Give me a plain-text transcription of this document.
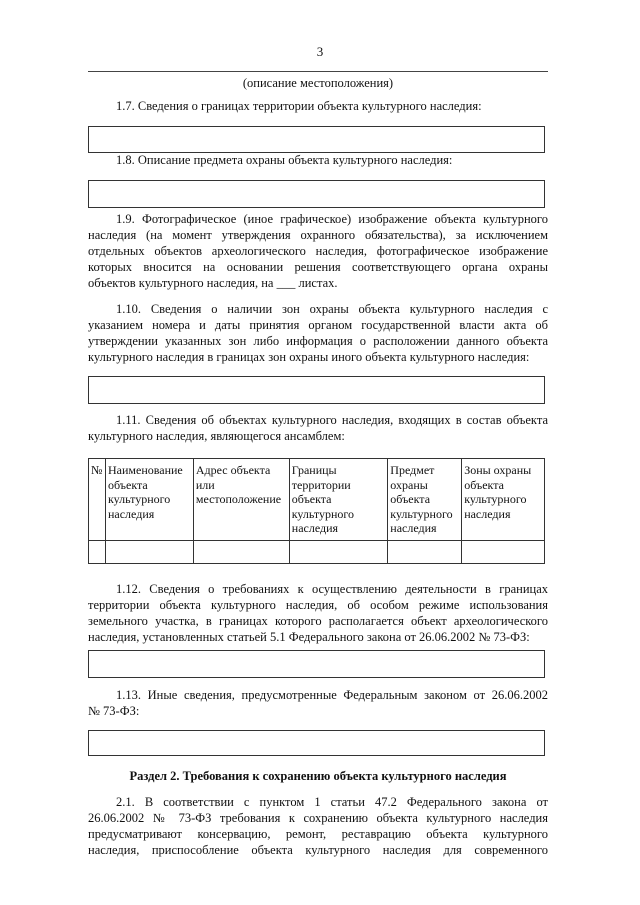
3
(описание местоположения)
1.7. Сведения о границах территории объекта культурного наследия:
1.8. Описание предмета охраны объекта культурного наследия:
1.9. Фотографическое (иное графическое) изображение объекта культурного
наследия (на момент утверждения охранного обязательства), за исключением
отдельных объектов археологического наследия, фотографическое изображение
которых вносится на основании решения соответствующего органа охраны
объектов культурного наследия, на ___ листах.
1.10. Сведения о наличии зон охраны объекта культурного наследия с
указанием номера и даты принятия органом государственной власти акта об
утверждении указанных зон либо информация о расположении данного объекта
культурного наследия в границах зон охраны иного объекта культурного наследия:
1.11. Сведения об объектах культурного наследия, входящих в состав объекта
культурного наследия, являющегося ансамблем:
№	Наименование объекта культурного наследия	Адрес объекта или местоположение	Границы территории объекта культурного наследия	Предмет охраны объекта культурного наследия	Зоны охраны объекта культурного наследия

1.12. Сведения о требованиях к осуществлению деятельности в границах
территории объекта культурного наследия, об особом режиме использования
земельного участка, в границах которого располагается объект археологического
наследия, установленных статьей 5.1 Федерального закона от 26.06.2002 № 73-ФЗ:
1.13. Иные сведения, предусмотренные Федеральным законом от 26.06.2002
№ 73-ФЗ:
Раздел 2. Требования к сохранению объекта культурного наследия
2.1. В соответствии с пунктом 1 статьи 47.2 Федерального закона от
26.06.2002 № 73-ФЗ требования к сохранению объекта культурного наследия
предусматривают консервацию, ремонт, реставрацию объекта культурного
наследия, приспособление объекта культурного наследия для современного
